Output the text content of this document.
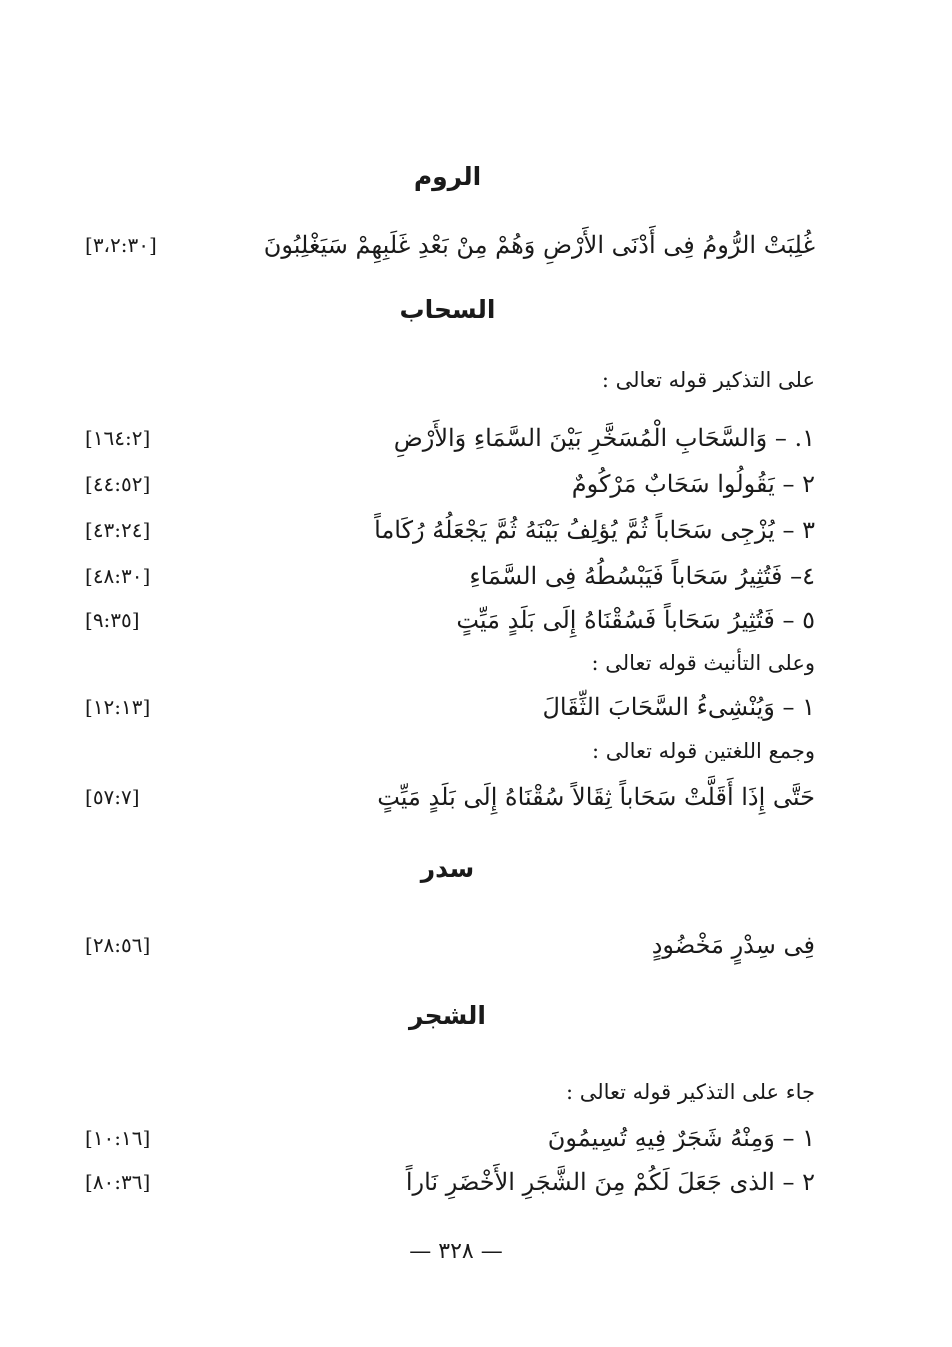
الروم
غُلِبَتْ الرُّومُ فِى أَدْنَى الأَرْضِ وَهُمْ مِنْ بَعْدِ غَلَبِهِمْ سَيَغْلِبُونَ
[٣،٢:٣٠]
السحاب
على التذكير قوله تعالى :
١. – وَالسَّحَابِ الْمُسَخَّرِ بَيْنَ السَّمَاءِ وَالأَرْضِ
[١٦٤:٢]
٢ – يَقُولُوا سَحَابٌ مَرْكُومٌ
[٤٤:٥٢]
٣ – يُزْجِى سَحَاباً ثُمَّ يُؤلِفُ بَيْنَهُ ثُمَّ يَجْعَلُهُ رُكَاماً
[٤٣:٢٤]
٤– فَتُثِيرُ سَحَاباً فَيَبْسُطُهُ فِى السَّمَاءِ
[٤٨:٣٠]
٥ – فَتُثِيرُ سَحَاباً فَسُقْنَاهُ إِلَى بَلَدٍ مَيِّتٍ
[٩:٣٥]
وعلى التأنيث قوله تعالى :
١ – وَيُنْشِىءُ السَّحَابَ الثِّقَالَ
[١٢:١٣]
وجمع اللغتين قوله تعالى :
حَتَّى إِذَا أَقَلَّتْ سَحَاباً ثِقَالاً سُقْنَاهُ إِلَى بَلَدٍ مَيِّتٍ
[٥٧:٧]
سدر
فِى سِدْرٍ مَخْضُودٍ
[٢٨:٥٦]
الشجر
جاء على التذكير قوله تعالى :
١ – وَمِنْهُ شَجَرٌ فِيهِ تُسِيمُونَ
[١٠:١٦]
٢ – الذى جَعَلَ لَكُمْ مِنَ الشَّجَرِ الأَخْضَرِ نَاراً
[٨٠:٣٦]
— ٣٢٨ —
